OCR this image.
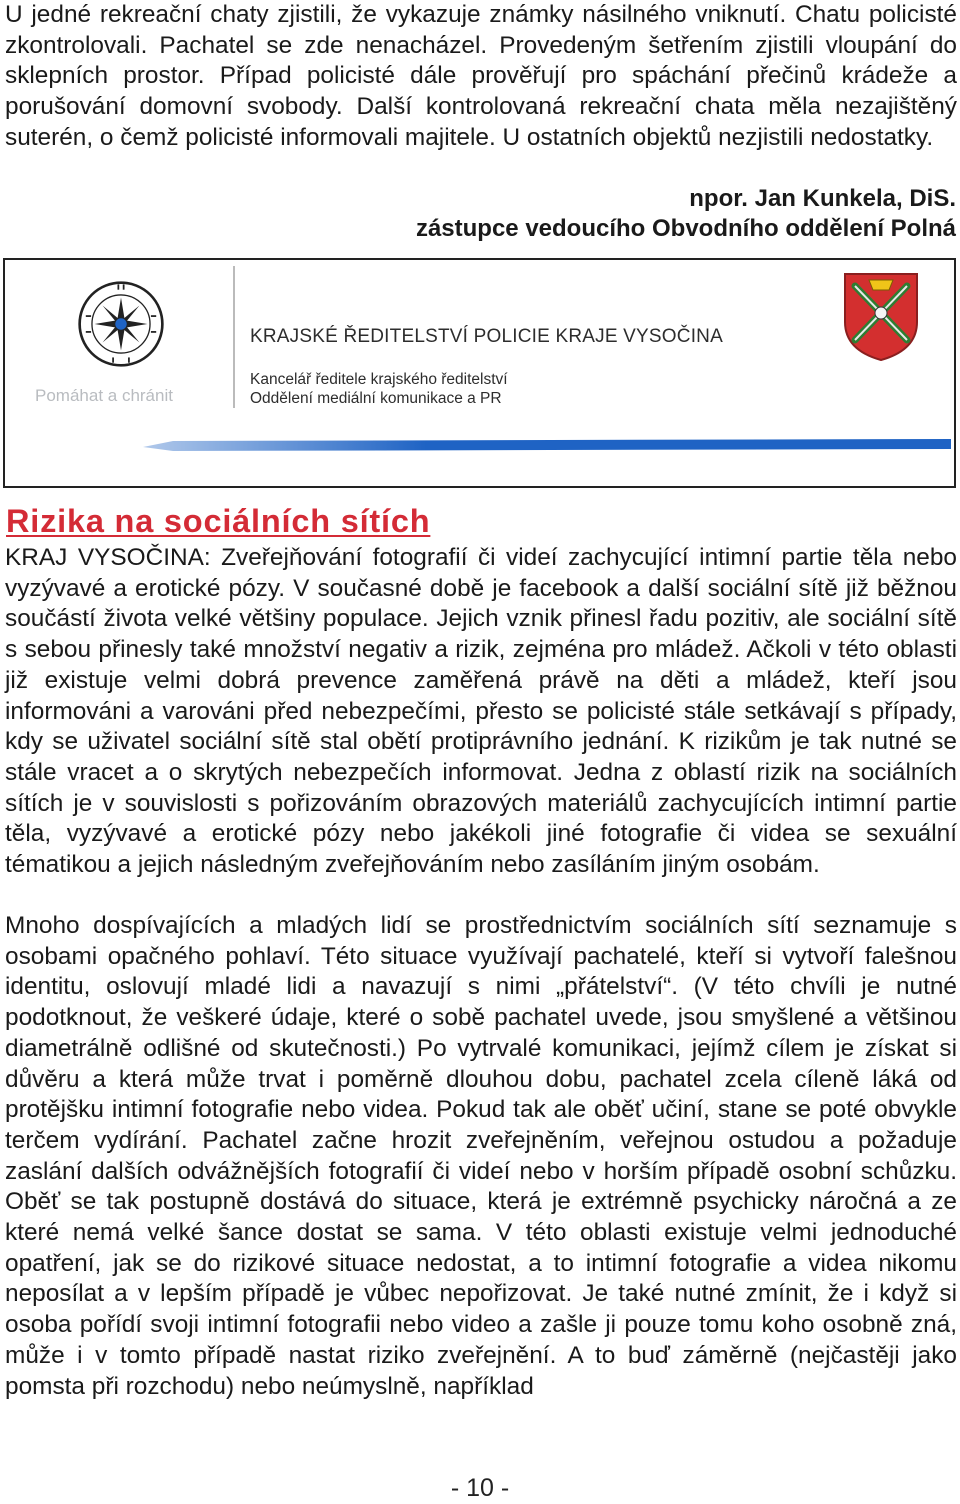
U jedné rekreační chaty zjistili, že vykazuje známky násilného vniknutí. Chatu policisté zkontrolovali. Pachatel se zde nenacházel. Provedeným šetřením zjistili vloupání do sklepních prostor. Případ policisté dále prověřují pro spáchání přečinů krádeže a porušování domovní svobody. Další kontrolovaná rekreační chata měla nezajištěný suterén, o čemž policisté informovali majitele. U ostatních objektů nezjistili nedostatky.

npor. Jan Kunkela, DiS.
zástupce vedoucího Obvodního oddělení Polná
Pomáhat a chránit
KRAJSKÉ ŘEDITELSTVÍ POLICIE KRAJE VYSOČINA
Kancelář ředitele krajského ředitelství
Oddělení mediální komunikace a PR
Rizika na sociálních sítích

KRAJ VYSOČINA: Zveřejňování fotografií či videí zachycující intimní partie těla nebo vyzývavé a erotické pózy. V současné době je facebook a další sociální sítě již běžnou součástí života velké většiny populace. Jejich vznik přinesl řadu pozitiv, ale sociální sítě s sebou přinesly také množství negativ a rizik, zejména pro mládež. Ačkoli v této oblasti již existuje velmi dobrá prevence zaměřená právě na děti a mládež, kteří jsou informováni a varováni před nebezpečími, přesto se policisté stále setkávají s případy, kdy se uživatel sociální sítě stal obětí protiprávního jednání. K rizikům je tak nutné se stále vracet a o skrytých nebezpečích informovat. Jedna z oblastí rizik na sociálních sítích je v souvislosti s pořizováním obrazových materiálů zachycujících intimní partie těla, vyzývavé a erotické pózy nebo jakékoli jiné fotografie či videa se sexuální tématikou a jejich následným zveřejňováním nebo zasíláním jiným osobám.

Mnoho dospívajících a mladých lidí se prostřednictvím sociálních sítí seznamuje s osobami opačného pohlaví. Této situace využívají pachatelé, kteří si vytvoří falešnou identitu, oslovují mladé lidi a navazují s nimi „přátelství“. (V této chvíli je nutné podotknout, že veškeré údaje, které o sobě pachatel uvede, jsou smyšlené a většinou diametrálně odlišné od skutečnosti.) Po vytrvalé komunikaci, jejímž cílem je získat si důvěru a která může trvat i poměrně dlouhou dobu, pachatel zcela cíleně láká od protějšku intimní fotografie nebo videa. Pokud tak ale oběť učiní, stane se poté obvykle terčem vydírání. Pachatel začne hrozit zveřejněním, veřejnou ostudou a požaduje zaslání dalších odvážnějších fotografií či videí nebo v horším případě osobní schůzku. Oběť se tak postupně dostává do situace, která je extrémně psychicky náročná a ze které nemá velké šance dostat se sama. V této oblasti existuje velmi jednoduché opatření, jak se do rizikové situace nedostat, a to intimní fotografie a videa nikomu neposílat a v lepším případě je vůbec nepořizovat. Je také nutné zmínit, že i když si osoba pořídí svoji intimní fotografii nebo video a zašle ji pouze tomu koho osobně zná, může i v tomto případě nastat riziko zveřejnění. A to buď záměrně (nejčastěji jako pomsta při rozchodu) nebo neúmyslně, například

- 10 -
